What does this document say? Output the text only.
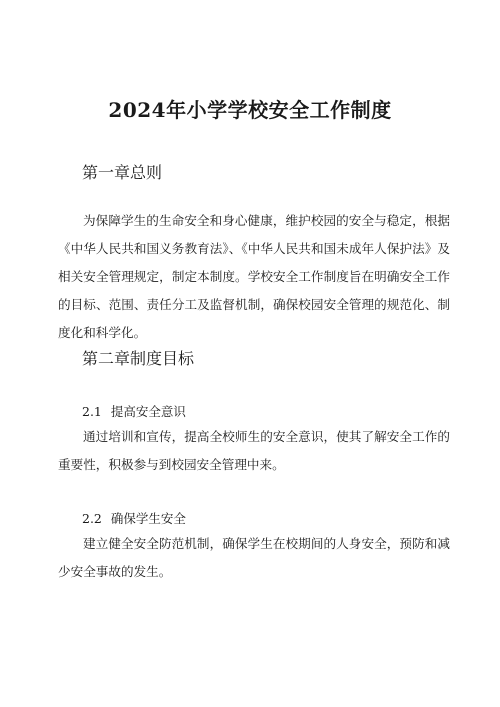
2024年小学学校安全工作制度
第一章总则

为保障学生的生命安全和身心健康，维护校园的安全与稳定，根据《中华人民共和国义务教育法》、《中华人民共和国未成年人保护法》及相关安全管理规定，制定本制度。学校安全工作制度旨在明确安全工作的目标、范围、责任分工及监督机制，确保校园安全管理的规范化、制度化和科学化。

第二章制度目标
2.1 提高安全意识

通过培训和宣传，提高全校师生的安全意识，使其了解安全工作的重要性，积极参与到校园安全管理中来。

2.2 确保学生安全

建立健全安全防范机制，确保学生在校期间的人身安全，预防和减少安全事故的发生。
